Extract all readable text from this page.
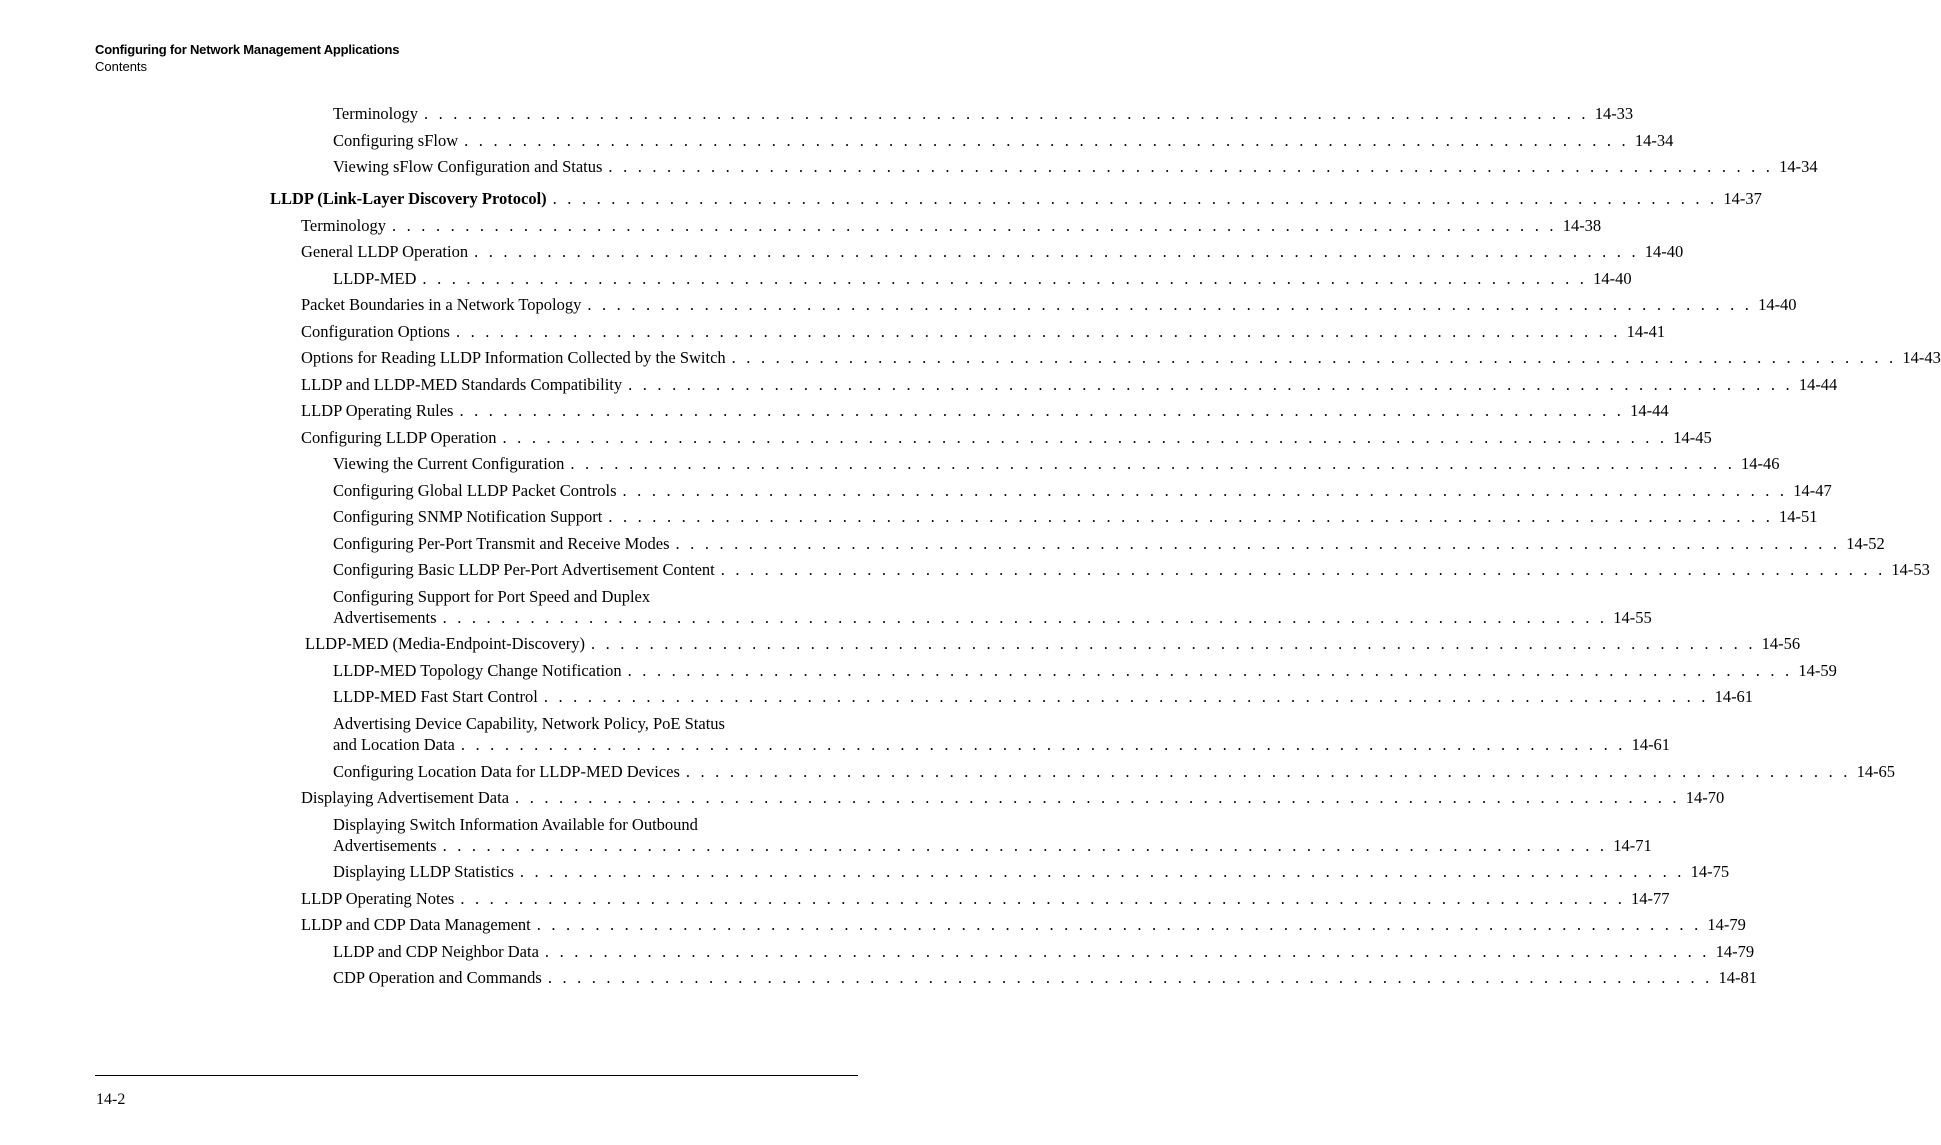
Configuring for Network Management Applications
Contents
Terminology . . . . . . . . . . . . . . . . . . . . . . . . . . . . . . . . . . . . . . . . . . . . . . . . . . . . . . . . . . . . . . . . . . . . . . . . . . . . . . . . 14-33
Configuring sFlow . . . . . . . . . . . . . . . . . . . . . . . . . . . . . . . . . . . . . . . . . . . . . . . . . . . . . . . . . . . . . . . . . . . . . . . . . . . . . . . . 14-34
Viewing sFlow Configuration and Status . . . . . . . . . . . . . . . . . . . . . . . . . . . . . . . . . . . . . . . . . . . . . . . . . . . . . . . . . . . . . . . . . . . . . . . . . . . . . . . . 14-34
LLDP (Link-Layer Discovery Protocol) . . . . . . . . . . . . . . . . . . . . . . . . . . . . . . . . . . . . . . . . . . . . . . . . . . . . . . . . . . . . . . . . . . . . . . . . . . . . . . . . 14-37
Terminology . . . . . . . . . . . . . . . . . . . . . . . . . . . . . . . . . . . . . . . . . . . . . . . . . . . . . . . . . . . . . . . . . . . . . . . . . . . . . . . . 14-38
General LLDP Operation . . . . . . . . . . . . . . . . . . . . . . . . . . . . . . . . . . . . . . . . . . . . . . . . . . . . . . . . . . . . . . . . . . . . . . . . . . . . . . . . 14-40
LLDP-MED . . . . . . . . . . . . . . . . . . . . . . . . . . . . . . . . . . . . . . . . . . . . . . . . . . . . . . . . . . . . . . . . . . . . . . . . . . . . . . . . 14-40
Packet Boundaries in a Network Topology . . . . . . . . . . . . . . . . . . . . . . . . . . . . . . . . . . . . . . . . . . . . . . . . . . . . . . . . . . . . . . . . . . . . . . . . . . . . . . . . 14-40
Configuration Options . . . . . . . . . . . . . . . . . . . . . . . . . . . . . . . . . . . . . . . . . . . . . . . . . . . . . . . . . . . . . . . . . . . . . . . . . . . . . . . . 14-41
Options for Reading LLDP Information Collected by the Switch . . . . . . . . . . . . . . . . . . . . . . . . . . . . . . . . . . . . . . . . . . . . . . . . . . . . . . . . . . . . . . . . . . . . . . . . . . . . . . . . 14-43
LLDP and LLDP-MED Standards Compatibility . . . . . . . . . . . . . . . . . . . . . . . . . . . . . . . . . . . . . . . . . . . . . . . . . . . . . . . . . . . . . . . . . . . . . . . . . . . . . . . . 14-44
LLDP Operating Rules . . . . . . . . . . . . . . . . . . . . . . . . . . . . . . . . . . . . . . . . . . . . . . . . . . . . . . . . . . . . . . . . . . . . . . . . . . . . . . . . 14-44
Configuring LLDP Operation . . . . . . . . . . . . . . . . . . . . . . . . . . . . . . . . . . . . . . . . . . . . . . . . . . . . . . . . . . . . . . . . . . . . . . . . . . . . . . . . 14-45
Viewing the Current Configuration . . . . . . . . . . . . . . . . . . . . . . . . . . . . . . . . . . . . . . . . . . . . . . . . . . . . . . . . . . . . . . . . . . . . . . . . . . . . . . . . 14-46
Configuring Global LLDP Packet Controls . . . . . . . . . . . . . . . . . . . . . . . . . . . . . . . . . . . . . . . . . . . . . . . . . . . . . . . . . . . . . . . . . . . . . . . . . . . . . . . . 14-47
Configuring SNMP Notification Support . . . . . . . . . . . . . . . . . . . . . . . . . . . . . . . . . . . . . . . . . . . . . . . . . . . . . . . . . . . . . . . . . . . . . . . . . . . . . . . . 14-51
Configuring Per-Port Transmit and Receive Modes . . . . . . . . . . . . . . . . . . . . . . . . . . . . . . . . . . . . . . . . . . . . . . . . . . . . . . . . . . . . . . . . . . . . . . . . . . . . . . . . 14-52
Configuring Basic LLDP Per-Port Advertisement Content . . . . . . . . . . . . . . . . . . . . . . . . . . . . . . . . . . . . . . . . . . . . . . . . . . . . . . . . . . . . . . . . . . . . . . . . . . . . . . . . 14-53
Configuring Support for Port Speed and Duplex
Advertisements . . . . . . . . . . . . . . . . . . . . . . . . . . . . . . . . . . . . . . . . . . . . . . . . . . . . . . . . . . . . . . . . . . . . . . . . . . . . . . . . 14-55
LLDP-MED (Media-Endpoint-Discovery) . . . . . . . . . . . . . . . . . . . . . . . . . . . . . . . . . . . . . . . . . . . . . . . . . . . . . . . . . . . . . . . . . . . . . . . . . . . . . . . . 14-56
LLDP-MED Topology Change Notification . . . . . . . . . . . . . . . . . . . . . . . . . . . . . . . . . . . . . . . . . . . . . . . . . . . . . . . . . . . . . . . . . . . . . . . . . . . . . . . . 14-59
LLDP-MED Fast Start Control . . . . . . . . . . . . . . . . . . . . . . . . . . . . . . . . . . . . . . . . . . . . . . . . . . . . . . . . . . . . . . . . . . . . . . . . . . . . . . . . 14-61
Advertising Device Capability, Network Policy, PoE Status
and Location Data . . . . . . . . . . . . . . . . . . . . . . . . . . . . . . . . . . . . . . . . . . . . . . . . . . . . . . . . . . . . . . . . . . . . . . . . . . . . . . . . 14-61
Configuring Location Data for LLDP-MED Devices . . . . . . . . . . . . . . . . . . . . . . . . . . . . . . . . . . . . . . . . . . . . . . . . . . . . . . . . . . . . . . . . . . . . . . . . . . . . . . . . 14-65
Displaying Advertisement Data . . . . . . . . . . . . . . . . . . . . . . . . . . . . . . . . . . . . . . . . . . . . . . . . . . . . . . . . . . . . . . . . . . . . . . . . . . . . . . . . 14-70
Displaying Switch Information Available for Outbound
Advertisements . . . . . . . . . . . . . . . . . . . . . . . . . . . . . . . . . . . . . . . . . . . . . . . . . . . . . . . . . . . . . . . . . . . . . . . . . . . . . . . . 14-71
Displaying LLDP Statistics . . . . . . . . . . . . . . . . . . . . . . . . . . . . . . . . . . . . . . . . . . . . . . . . . . . . . . . . . . . . . . . . . . . . . . . . . . . . . . . . 14-75
LLDP Operating Notes . . . . . . . . . . . . . . . . . . . . . . . . . . . . . . . . . . . . . . . . . . . . . . . . . . . . . . . . . . . . . . . . . . . . . . . . . . . . . . . . 14-77
LLDP and CDP Data Management . . . . . . . . . . . . . . . . . . . . . . . . . . . . . . . . . . . . . . . . . . . . . . . . . . . . . . . . . . . . . . . . . . . . . . . . . . . . . . . . 14-79
LLDP and CDP Neighbor Data . . . . . . . . . . . . . . . . . . . . . . . . . . . . . . . . . . . . . . . . . . . . . . . . . . . . . . . . . . . . . . . . . . . . . . . . . . . . . . . . 14-79
CDP Operation and Commands . . . . . . . . . . . . . . . . . . . . . . . . . . . . . . . . . . . . . . . . . . . . . . . . . . . . . . . . . . . . . . . . . . . . . . . . . . . . . . . . 14-81
14-2
